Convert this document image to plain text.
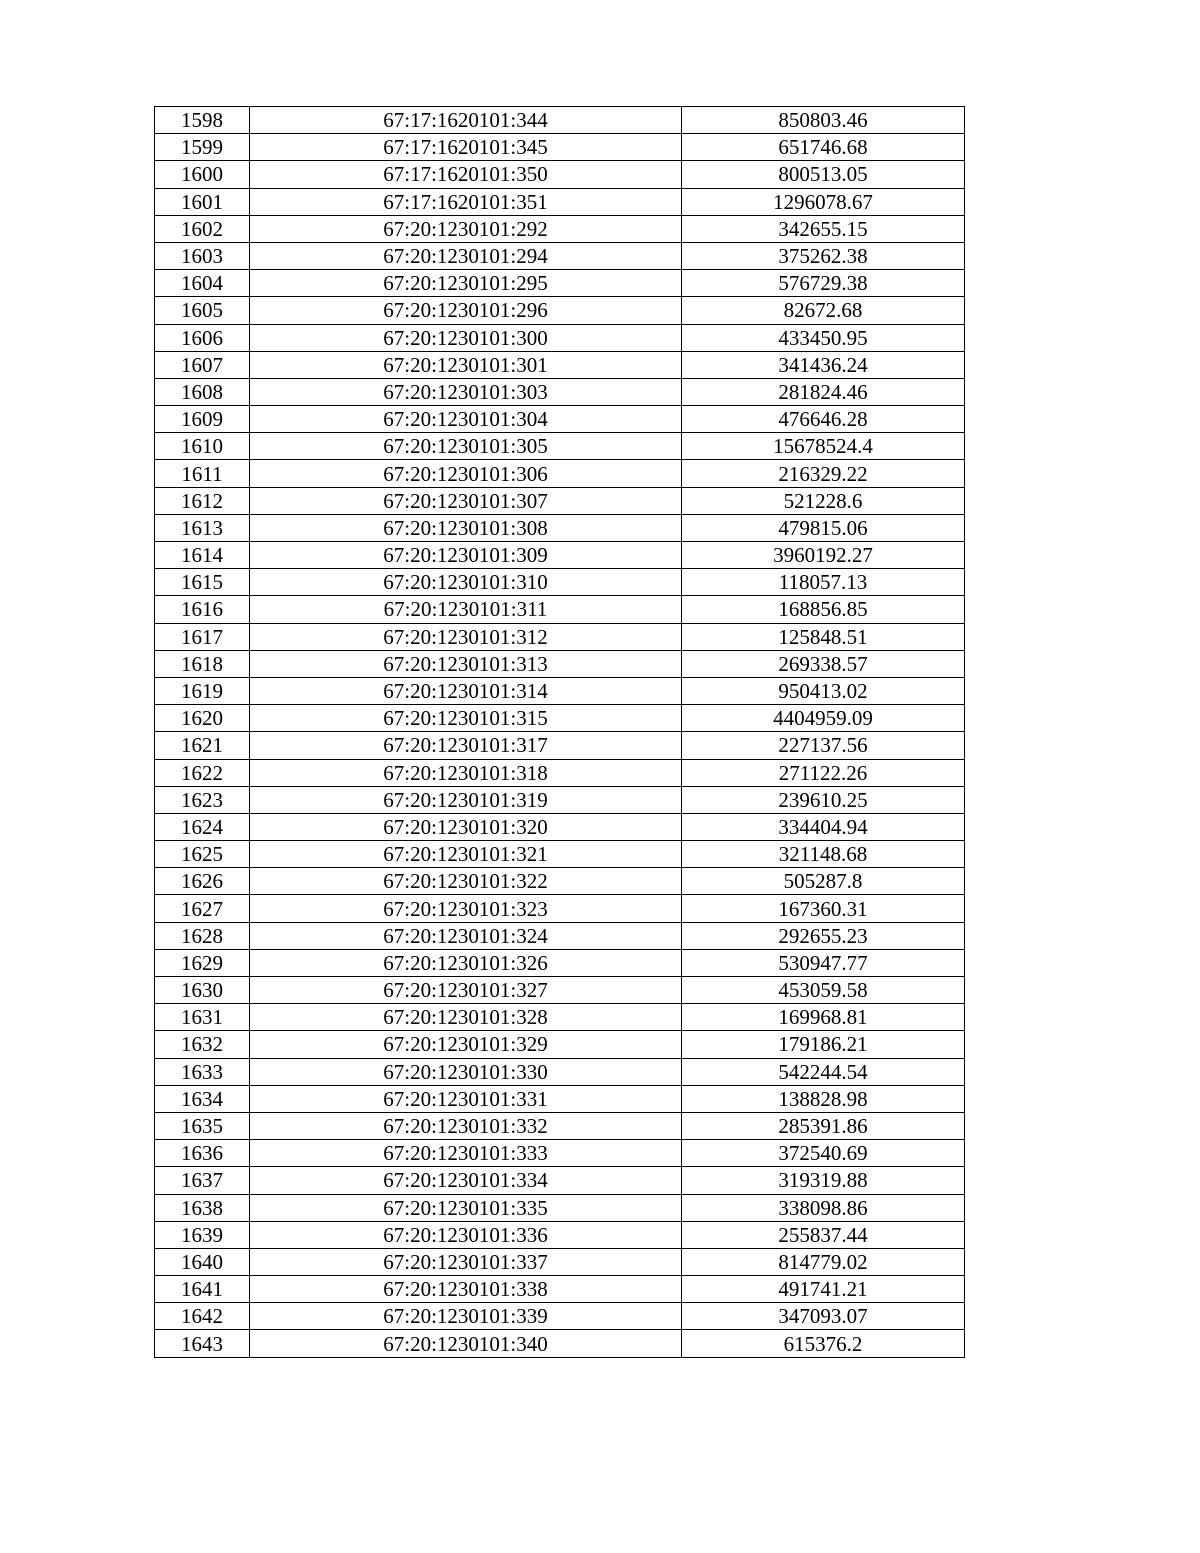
1598	67:17:1620101:344	850803.46
1599	67:17:1620101:345	651746.68
1600	67:17:1620101:350	800513.05
1601	67:17:1620101:351	1296078.67
1602	67:20:1230101:292	342655.15
1603	67:20:1230101:294	375262.38
1604	67:20:1230101:295	576729.38
1605	67:20:1230101:296	82672.68
1606	67:20:1230101:300	433450.95
1607	67:20:1230101:301	341436.24
1608	67:20:1230101:303	281824.46
1609	67:20:1230101:304	476646.28
1610	67:20:1230101:305	15678524.4
1611	67:20:1230101:306	216329.22
1612	67:20:1230101:307	521228.6
1613	67:20:1230101:308	479815.06
1614	67:20:1230101:309	3960192.27
1615	67:20:1230101:310	118057.13
1616	67:20:1230101:311	168856.85
1617	67:20:1230101:312	125848.51
1618	67:20:1230101:313	269338.57
1619	67:20:1230101:314	950413.02
1620	67:20:1230101:315	4404959.09
1621	67:20:1230101:317	227137.56
1622	67:20:1230101:318	271122.26
1623	67:20:1230101:319	239610.25
1624	67:20:1230101:320	334404.94
1625	67:20:1230101:321	321148.68
1626	67:20:1230101:322	505287.8
1627	67:20:1230101:323	167360.31
1628	67:20:1230101:324	292655.23
1629	67:20:1230101:326	530947.77
1630	67:20:1230101:327	453059.58
1631	67:20:1230101:328	169968.81
1632	67:20:1230101:329	179186.21
1633	67:20:1230101:330	542244.54
1634	67:20:1230101:331	138828.98
1635	67:20:1230101:332	285391.86
1636	67:20:1230101:333	372540.69
1637	67:20:1230101:334	319319.88
1638	67:20:1230101:335	338098.86
1639	67:20:1230101:336	255837.44
1640	67:20:1230101:337	814779.02
1641	67:20:1230101:338	491741.21
1642	67:20:1230101:339	347093.07
1643	67:20:1230101:340	615376.2
